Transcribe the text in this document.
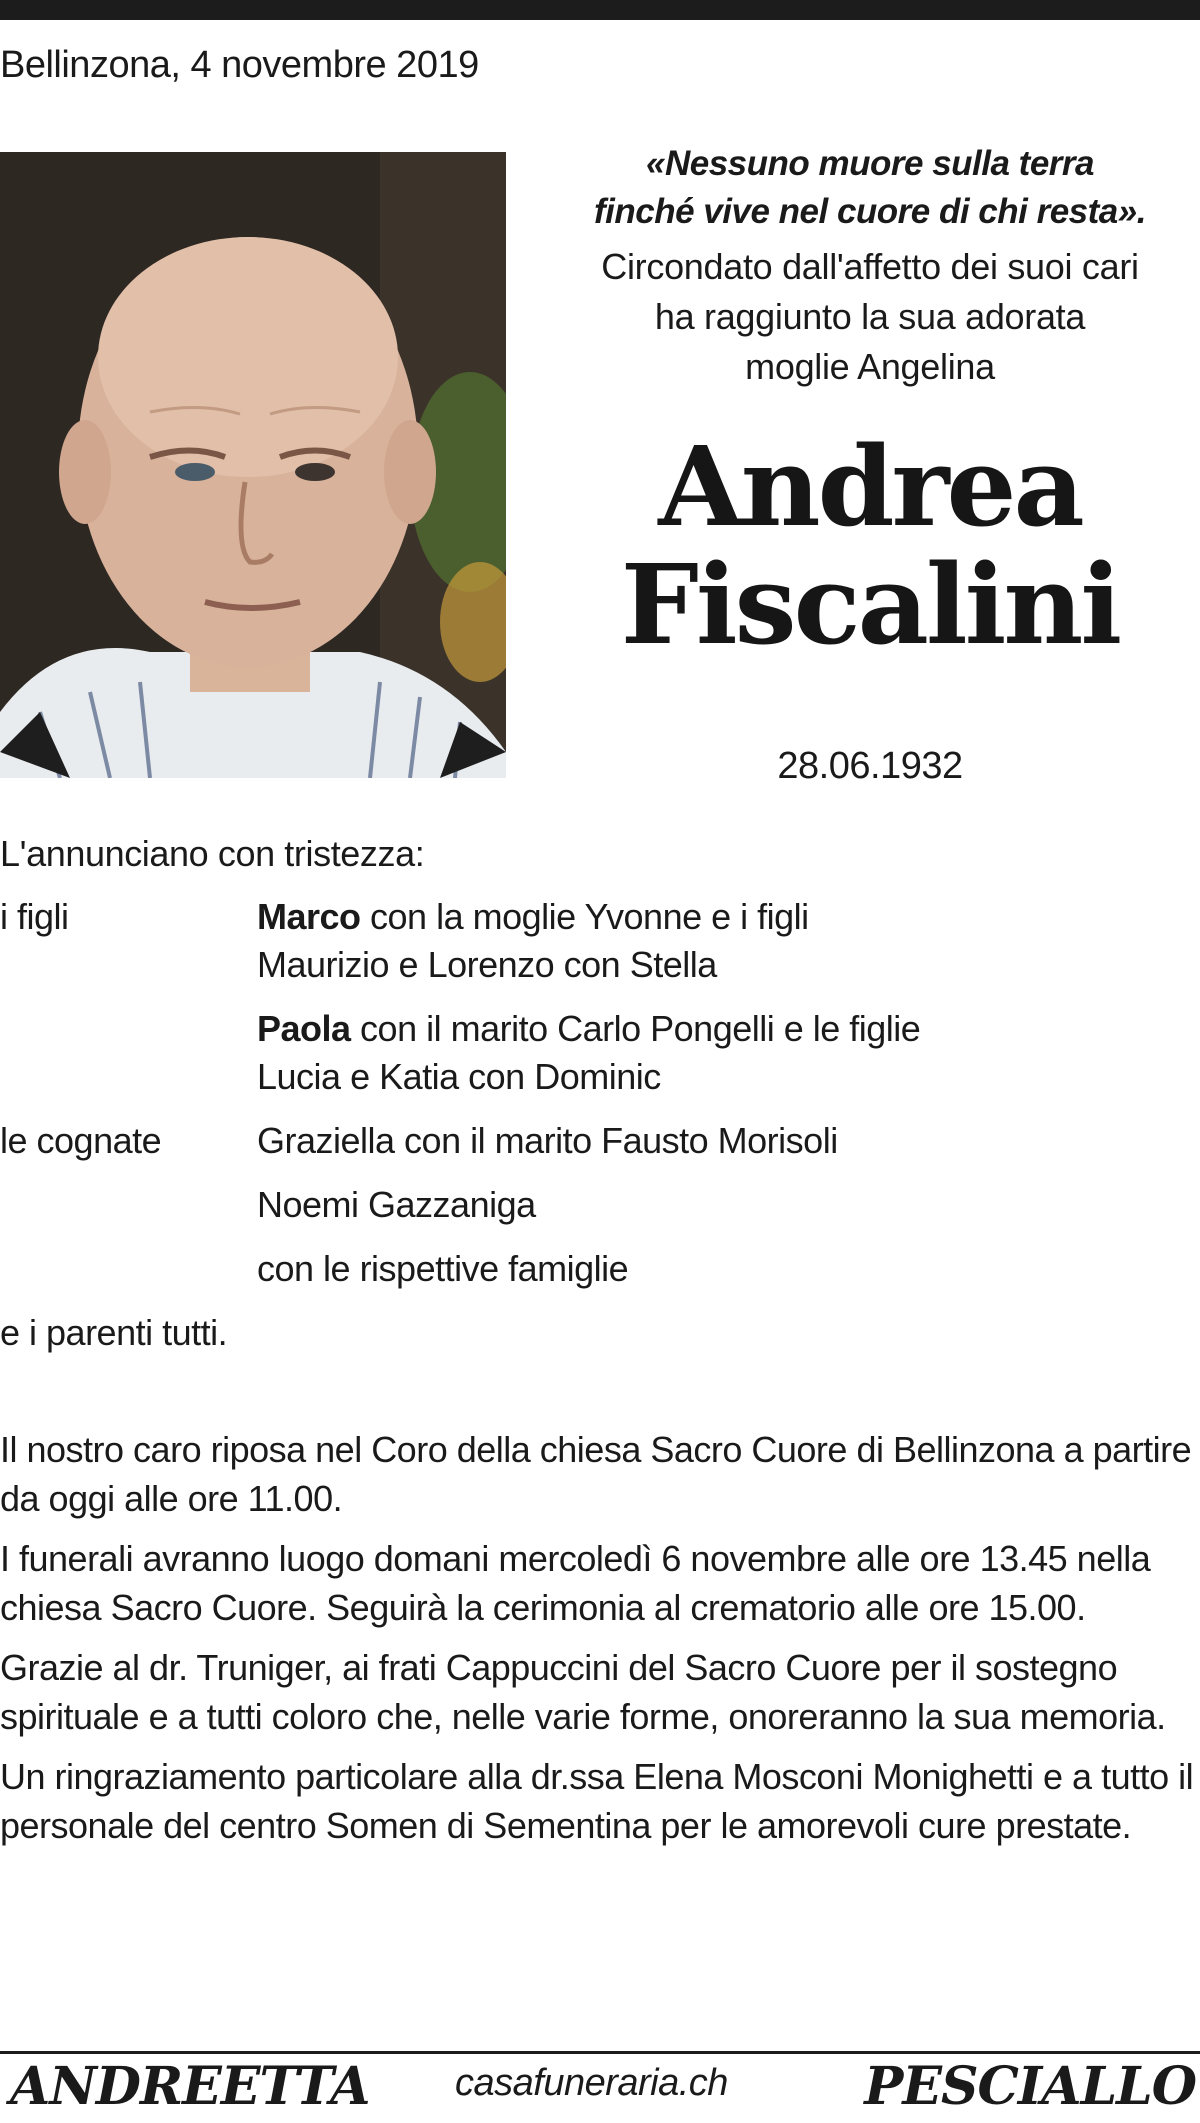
Bellinzona, 4 novembre 2019
«Nessuno muore sulla terra
finché vive nel cuore di chi resta».
Circondato dall'affetto dei suoi cari
ha raggiunto la sua adorata
moglie Angelina
Andrea
Fiscalini
28.06.1932
L'annunciano con tristezza:
i figli	Marco con la moglie Yvonne e i figli
Maurizio e Lorenzo con Stella
Paola con il marito Carlo Pongelli e le figlie
Lucia e Katia con Dominic
le cognate	Graziella con il marito Fausto Morisoli
Noemi Gazzaniga
con le rispettive famiglie
e i parenti tutti.

Il nostro caro riposa nel Coro della chiesa Sacro Cuore di Bellinzona a partire da oggi alle ore 11.00.

I funerali avranno luogo domani mercoledì 6 novembre alle ore 13.45 nella chiesa Sacro Cuore. Seguirà la cerimonia al crematorio alle ore 15.00.

Grazie al dr. Truniger, ai frati Cappuccini del Sacro Cuore per il sostegno spirituale e a tutti coloro che, nelle varie forme, onoreranno la sua memoria.

Un ringraziamento particolare alla dr.ssa Elena Mosconi Monighetti e a tutto il personale del centro Somen di Sementina per le amorevoli cure prestate.

ANDREETTA casafuneraria.ch	PESCIALLO
